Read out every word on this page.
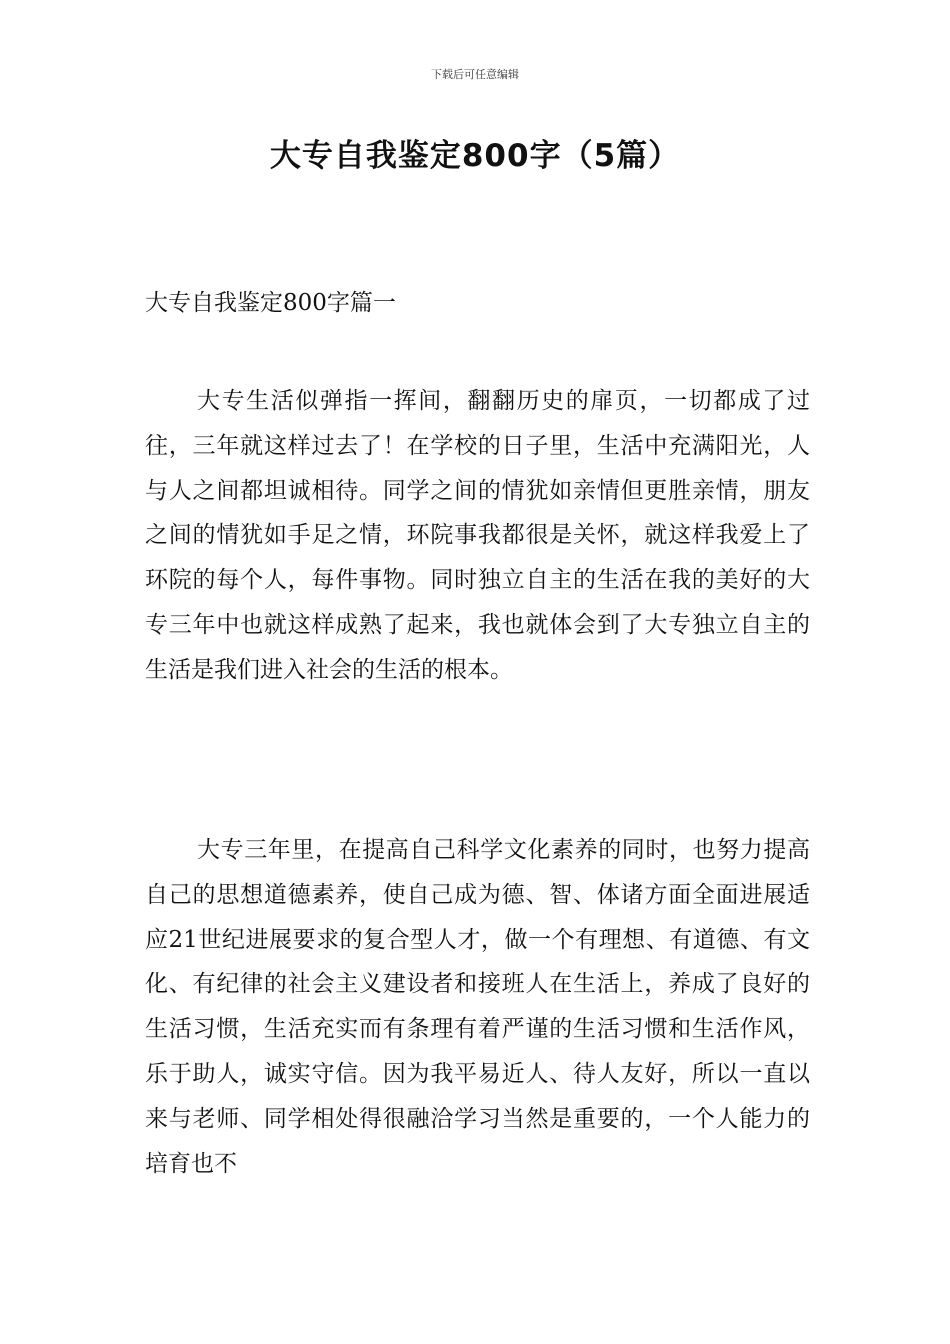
下载后可任意编辑
大专自我鉴定800字（5篇）
大专自我鉴定800字篇一

大专生活似弹指一挥间，翻翻历史的扉页，一切都成了过往，三年就这样过去了！在学校的日子里，生活中充满阳光，人与人之间都坦诚相待。同学之间的情犹如亲情但更胜亲情，朋友之间的情犹如手足之情，环院事我都很是关怀，就这样我爱上了环院的每个人，每件事物。同时独立自主的生活在我的美好的大专三年中也就这样成熟了起来，我也就体会到了大专独立自主的生活是我们进入社会的生活的根本。

大专三年里，在提高自己科学文化素养的同时，也努力提高自己的思想道德素养，使自己成为德、智、体诸方面全面进展适应21世纪进展要求的复合型人才，做一个有理想、有道德、有文化、有纪律的社会主义建设者和接班人在生活上，养成了良好的生活习惯，生活充实而有条理有着严谨的生活习惯和生活作风，乐于助人，诚实守信。因为我平易近人、待人友好，所以一直以来与老师、同学相处得很融洽学习当然是重要的，一个人能力的培育也不
